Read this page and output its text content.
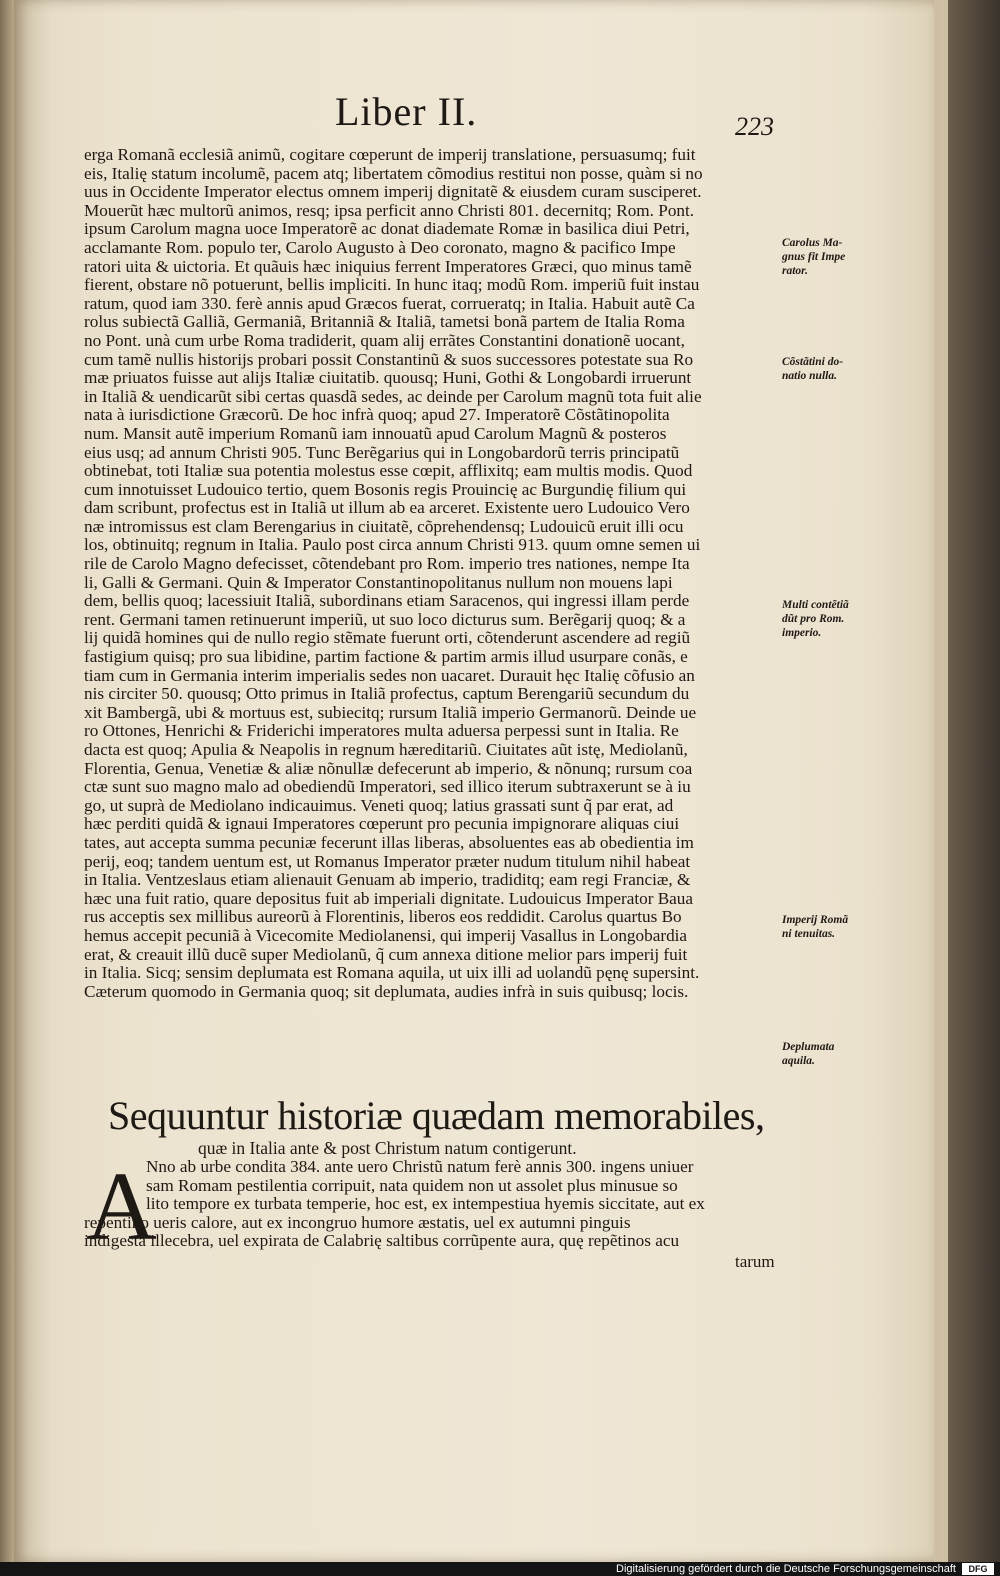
Liber II.	223
erga Romanã ecclesiã animũ, cogitare cœperunt de imperij translatione, persuasumq; fuit
eis, Italię statum incolumẽ, pacem atq; libertatem cõmodius restitui non posse, quàm si no
uus in Occidente Imperator electus omnem imperij dignitatẽ & eiusdem curam susciperet.
Mouerũt hæc multorũ animos, resq; ipsa perficit anno Christi 801. decernitq; Rom. Pont.
ipsum Carolum magna uoce Imperatorẽ ac donat diademate Romæ in basilica diui Petri,
acclamante Rom. populo ter, Carolo Augusto à Deo coronato, magno & pacifico Impe
ratori uita & uictoria. Et quãuis hæc iniquius ferrent Imperatores Græci, quo minus tamẽ
fierent, obstare nõ potuerunt, bellis impliciti. In hunc itaq; modũ Rom. imperiũ fuit instau
ratum, quod iam 330. ferè annis apud Græcos fuerat, corrueratq; in Italia. Habuit autẽ Ca
rolus subiectã Galliã, Germaniã, Britanniã & Italiã, tametsi bonã partem de Italia Roma
no Pont. unà cum urbe Roma tradiderit, quam alij errãtes Constantini donationẽ uocant,
cum tamẽ nullis historijs probari possit Constantinũ & suos successores potestate sua Ro
mæ priuatos fuisse aut alijs Italiæ ciuitatib. quousq; Huni, Gothi & Longobardi irruerunt
in Italiã & uendicarũt sibi certas quasdã sedes, ac deinde per Carolum magnũ tota fuit alie
nata à iurisdictione Græcorũ. De hoc infrà quoq; apud 27. Imperatorẽ Cõstãtinopolita
num. Mansit autẽ imperium Romanũ iam innouatũ apud Carolum Magnũ & posteros
eius usq; ad annum Christi 905. Tunc Berẽgarius qui in Longobardorũ terris principatũ
obtinebat, toti Italiæ sua potentia molestus esse cœpit, afflixitq; eam multis modis. Quod
cum innotuisset Ludouico tertio, quem Bosonis regis Prouincię ac Burgundię filium qui
dam scribunt, profectus est in Italiã ut illum ab ea arceret. Existente uero Ludouico Vero
næ intromissus est clam Berengarius in ciuitatẽ, cõprehendensq; Ludouicũ eruit illi ocu
los, obtinuitq; regnum in Italia. Paulo post circa annum Christi 913. quum omne semen ui
rile de Carolo Magno defecisset, cõtendebant pro Rom. imperio tres nationes, nempe Ita
li, Galli & Germani. Quin & Imperator Constantinopolitanus nullum non mouens lapi
dem, bellis quoq; lacessiuit Italiã, subordinans etiam Saracenos, qui ingressi illam perde
rent. Germani tamen retinuerunt imperiũ, ut suo loco dicturus sum. Berẽgarij quoq; & a
lij quidã homines qui de nullo regio stẽmate fuerunt orti, cõtenderunt ascendere ad regiũ
fastigium quisq; pro sua libidine, partim factione & partim armis illud usurpare conãs, e
tiam cum in Germania interim imperialis sedes non uacaret. Durauit hęc Italię cõfusio an
nis circiter 50. quousq; Otto primus in Italiã profectus, captum Berengariũ secundum du
xit Bambergã, ubi & mortuus est, subiecitq; rursum Italiã imperio Germanorũ. Deinde ue
ro Ottones, Henrichi & Friderichi imperatores multa aduersa perpessi sunt in Italia. Re
dacta est quoq; Apulia & Neapolis in regnum hæreditariũ. Ciuitates aũt istę, Mediolanũ,
Florentia, Genua, Venetiæ & aliæ nõnullæ defecerunt ab imperio, & nõnunq; rursum coa
ctæ sunt suo magno malo ad obediendũ Imperatori, sed illico iterum subtraxerunt se à iu
go, ut suprà de Mediolano indicauimus. Veneti quoq; latius grassati sunt q̃ par erat, ad
hæc perditi quidã & ignaui Imperatores cœperunt pro pecunia impignorare aliquas ciui
tates, aut accepta summa pecuniæ fecerunt illas liberas, absoluentes eas ab obedientia im
perij, eoq; tandem uentum est, ut Romanus Imperator præter nudum titulum nihil habeat
in Italia. Ventzeslaus etiam alienauit Genuam ab imperio, tradiditq; eam regi Franciæ, &
hæc una fuit ratio, quare depositus fuit ab imperiali dignitate. Ludouicus Imperator Baua
rus acceptis sex millibus aureorũ à Florentinis, liberos eos reddidit. Carolus quartus Bo
hemus accepit pecuniã à Vicecomite Mediolanensi, qui imperij Vasallus in Longobardia
erat, & creauit illũ ducẽ super Mediolanũ, q̃ cum annexa ditione melior pars imperij fuit
in Italia. Sicq; sensim deplumata est Romana aquila, ut uix illi ad uolandũ pęnę supersint.
Cæterum quomodo in Germania quoq; sit deplumata, audies infrà in suis quibusq; locis.
Carolus Ma-
gnus fit Impe
rator.
Cõstãtini do-
natio nulla.
Multi contẽtiã
dũt pro Rom.
imperio.
Imperij Romã
ni tenuitas.
Deplumata
aquila.
Sequuntur historiæ quædam memorabiles,
quæ in Italia ante & post Christum natum contigerunt.
A
Nno ab urbe condita 384. ante uero Christũ natum ferè annis 300. ingens uniuer
sam Romam pestilentia corripuit, nata quidem non ut assolet plus minusue so
lito tempore ex turbata temperie, hoc est, ex intempestiua hyemis siccitate, aut ex
repentino ueris calore, aut ex incongruo humore æstatis, uel ex autumni pinguis
indigesta illecebra, uel expirata de Calabrię saltibus corrũpente aura, quę repẽtinos acu
tarum
Digitalisierung gefördert durch die Deutsche Forschungsgemeinschaft	DFG
